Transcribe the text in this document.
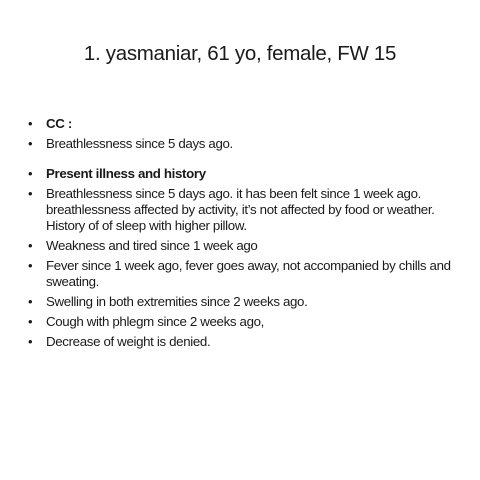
1. yasmaniar, 61 yo, female, FW 15
•	CC :
•	Breathlessness since 5 days ago.
•	Present illness and history
•	Breathlessness since 5 days ago. it has been felt since 1 week ago. breathlessness affected by activity, it’s not affected by food or weather. History of of sleep with higher pillow.
•	Weakness and tired since 1 week ago
•	Fever since 1 week ago, fever goes away, not accompanied by chills and sweating.
•	Swelling in both extremities since 2 weeks ago.
•	Cough with phlegm since 2 weeks ago,
•	Decrease of weight is denied.
